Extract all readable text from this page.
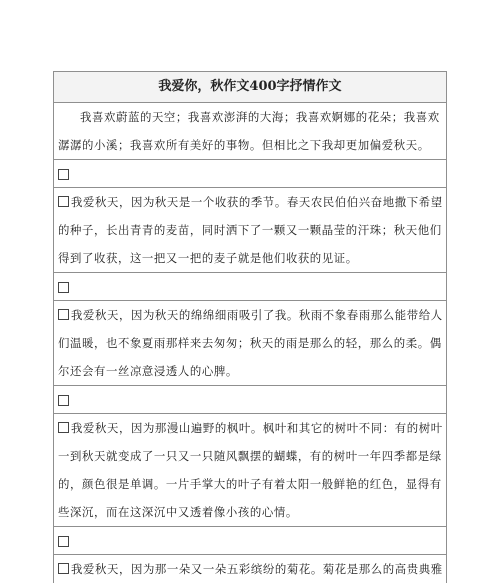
我爱你，秋作文400字抒情作文
我喜欢蔚蓝的天空；我喜欢澎湃的大海；我喜欢婀娜的花朵；我喜欢
潺潺的小溪；我喜欢所有美好的事物。但相比之下我却更加偏爱秋天。
我爱秋天，因为秋天是一个收获的季节。春天农民伯伯兴奋地撒下希望
的种子，长出青青的麦苗，同时洒下了一颗又一颗晶莹的汗珠；秋天他们
得到了收获，这一把又一把的麦子就是他们收获的见证。
我爱秋天，因为秋天的绵绵细雨吸引了我。秋雨不象春雨那么能带给人
们温暖，也不象夏雨那样来去匆匆；秋天的雨是那么的轻，那么的柔。偶
尔还会有一丝凉意浸透人的心脾。
我爱秋天，因为那漫山遍野的枫叶。枫叶和其它的树叶不同：有的树叶
一到秋天就变成了一只又一只随风飘摆的蝴蝶，有的树叶一年四季都是绿
的，颜色很是单调。一片手掌大的叶子有着太阳一般鲜艳的红色，显得有
些深沉，而在这深沉中又透着像小孩的心情。
我爱秋天，因为那一朵又一朵五彩缤纷的菊花。菊花是那么的高贵典雅
